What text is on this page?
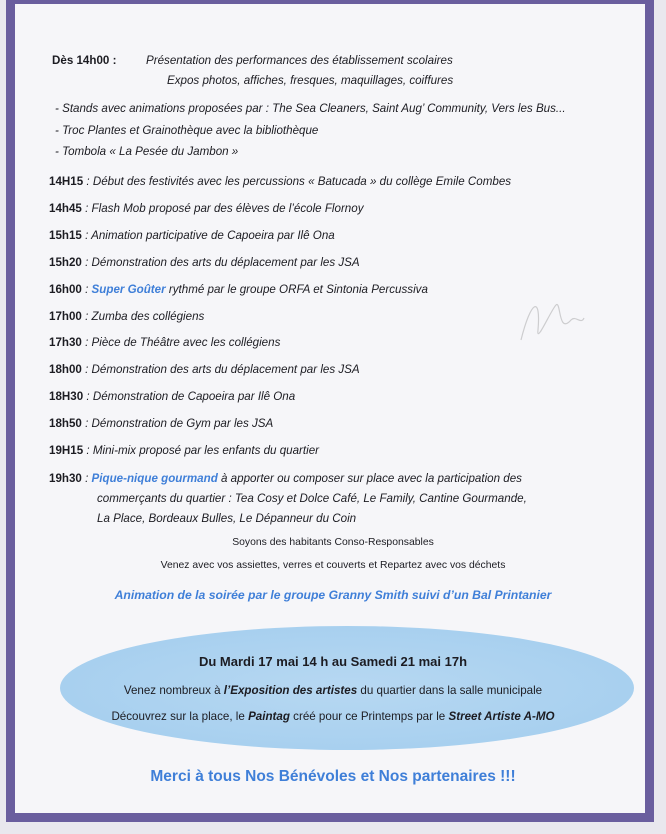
Dès 14h00 :	Présentation des performances des établissement scolaires
Expos photos, affiches, fresques, maquillages, coiffures
- Stands avec animations proposées par : The Sea Cleaners, Saint Aug’ Community, Vers les Bus...
- Troc Plantes et Grainothèque avec la bibliothèque
- Tombola « La Pesée du Jambon »
14H15 : Début des festivités avec les percussions « Batucada » du collège Emile Combes
14h45 : Flash Mob proposé par des élèves de l’école Flornoy
15h15 : Animation participative de Capoeira par Ilê Ona
15h20 : Démonstration des arts du déplacement par les JSA
16h00 : Super Goûter rythmé par le groupe ORFA et Sintonia Percussiva
17h00 : Zumba des collégiens
17h30 : Pièce de Théâtre avec les collégiens
18h00 : Démonstration des arts du déplacement par les JSA
18H30 : Démonstration de Capoeira par Ilê Ona
18h50 : Démonstration de Gym par les JSA
19H15 : Mini-mix proposé par les enfants du quartier
19h30 : Pique-nique gourmand à apporter ou composer sur place avec la participation des
commerçants du quartier : Tea Cosy et Dolce Café, Le Family, Cantine Gourmande,
La Place, Bordeaux Bulles, Le Dépanneur du Coin
Soyons des habitants Conso-Responsables
Venez avec vos assiettes, verres et couverts et Repartez avec vos déchets
Animation de la soirée par le groupe Granny Smith suivi d’un Bal Printanier
Du Mardi 17 mai 14 h au Samedi 21 mai 17h
Venez nombreux à l’Exposition des artistes du quartier dans la salle municipale
Découvrez sur la place, le Paintag créé pour ce Printemps par le Street Artiste A-MO
Merci à tous Nos Bénévoles et Nos partenaires !!!
